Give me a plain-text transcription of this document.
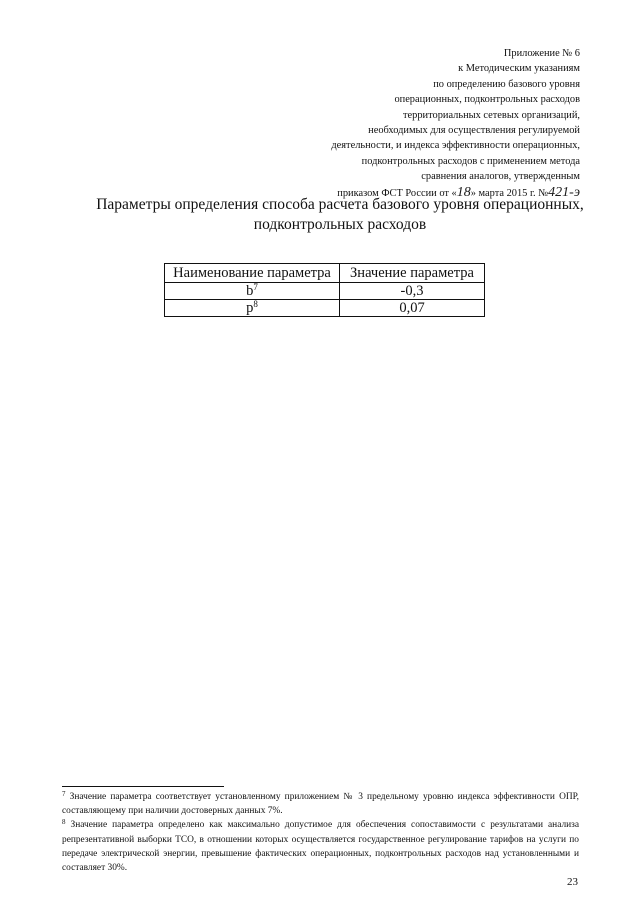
Приложение № 6
к Методическим указаниям
по определению базового уровня
операционных, подконтрольных расходов
территориальных сетевых организаций,
необходимых для осуществления регулируемой
деятельности, и индекса эффективности операционных,
подконтрольных расходов с применением метода
сравнения аналогов, утвержденным
приказом ФСТ России от «18» марта 2015 г. №421-э
Параметры определения способа расчета базового уровня операционных,
подконтрольных расходов
Наименование параметра	Значение параметра
$b^7$	-0,3
$p^8$	0,07

$^7$ Значение параметра соответствует установленному приложением № 3 предельному уровню индекса эффективности ОПР, составляющему при наличии достоверных данных 7%.

$^8$ Значение параметра определено как максимально допустимое для обеспечения сопоставимости с результатами анализа репрезентативной выборки ТСО, в отношении которых осуществляется государственное регулирование тарифов на услуги по передаче электрической энергии, превышение фактических операционных, подконтрольных расходов над установленными и составляет 30%.

23
